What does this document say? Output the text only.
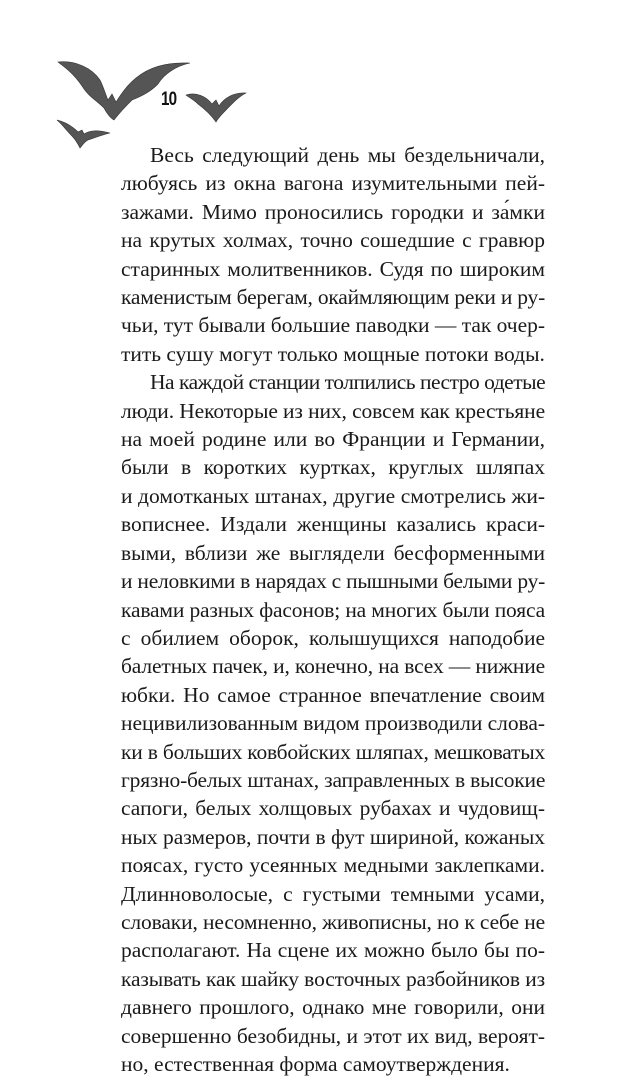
10
Весь следующий день мы бездельничали,
любуясь из окна вагона изумительными пей-
зажами. Мимо проносились городки и за́мки
на крутых холмах, точно сошедшие с гравюр
старинных молитвенников. Судя по широким
каменистым берегам, окаймляющим реки и ру-
чьи, тут бывали большие паводки — так очер-
тить сушу могут только мощные потоки воды.
На каждой станции толпились пестро одетые
люди. Некоторые из них, совсем как крестьяне
на моей родине или во Франции и Германии,
были в коротких куртках, круглых шляпах
и домотканых штанах, другие смотрелись жи-
вописнее. Издали женщины казались краси-
выми, вблизи же выглядели бесформенными
и неловкими в нарядах с пышными белыми ру-
кавами разных фасонов; на многих были пояса
с обилием оборок, колышущихся наподобие
балетных пачек, и, конечно, на всех — нижние
юбки. Но самое странное впечатление своим
нецивилизованным видом производили слова-
ки в больших ковбойских шляпах, мешковатых
грязно-белых штанах, заправленных в высокие
сапоги, белых холщовых рубахах и чудовищ-
ных размеров, почти в фут шириной, кожаных
поясах, густо усеянных медными заклепками.
Длинноволосые, с густыми темными усами,
словаки, несомненно, живописны, но к себе не
располагают. На сцене их можно было бы по-
казывать как шайку восточных разбойников из
давнего прошлого, однако мне говорили, они
совершенно безобидны, и этот их вид, вероят-
но, естественная форма самоутверждения.
